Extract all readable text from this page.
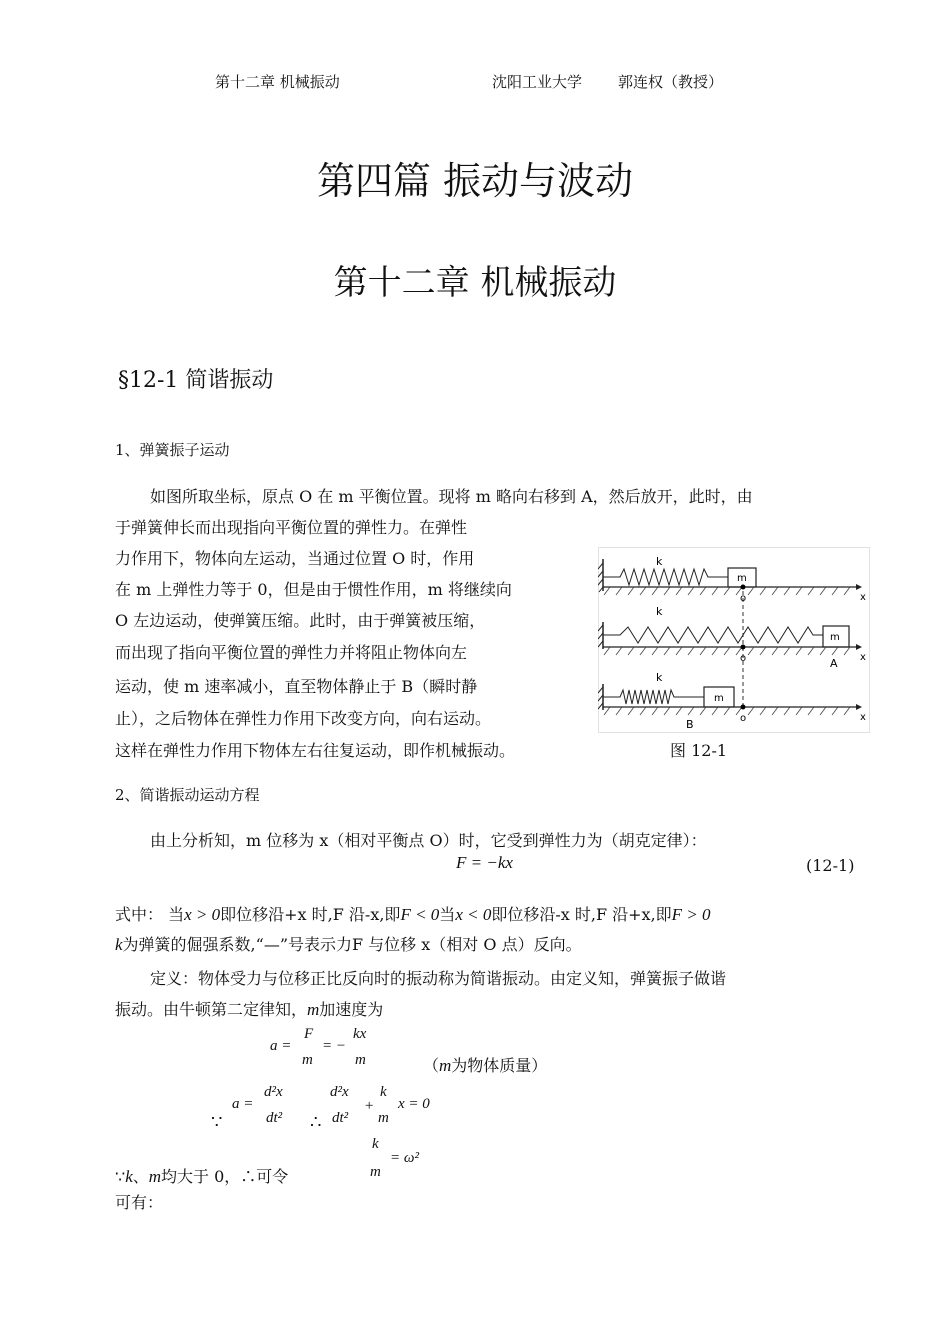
第十二章 机械振动	沈阳工业大学 郭连权（教授）
第四篇 振动与波动
第十二章 机械振动
§12-1 简谐振动
1、弹簧振子运动
如图所取坐标，原点 O 在 m 平衡位置。现将 m 略向右移到 A，然后放开，此时，由
于弹簧伸长而出现指向平衡位置的弹性力。在弹性
力作用下，物体向左运动，当通过位置 O 时，作用
在 m 上弹性力等于 0，但是由于惯性作用，m 将继续向
O 左边运动，使弹簧压缩。此时，由于弹簧被压缩，
而出现了指向平衡位置的弹性力并将阻止物体向左
运动，使 m 速率减小，直至物体静止于 B（瞬时静
止），之后物体在弹性力作用下改变方向，向右运动。
这样在弹性力作用下物体左右往复运动，即作机械振动。
k
m
o	x
k
m
o	A x
k
m
o
B
x
图 12-1
2、简谐振动运动方程
由上分析知，m 位移为 x（相对平衡点 O）时，它受到弹性力为（胡克定律）：
F = −kx	(12-1)
式中： 当x > 0即位移沿+x 时,F 沿-x,即F < 0当x < 0即位移沿-x 时,F 沿+x,即F > 0
k为弹簧的倔强系数,“—”号表示力F 与位移 x（相对 O 点）反向。
定义：物体受力与位移正比反向时的振动称为简谐振动。由定义知，弹簧振子做谐
振动。由牛顿第二定律知，m加速度为
a =
F
m
= −
kx
m	（m为物体质量）
∵
a =
d²x
dt² ∴
d²x
dt²
+
k
m
x = 0
k
m
= ω²
∵k、m均大于 0，∴可令
可有：
